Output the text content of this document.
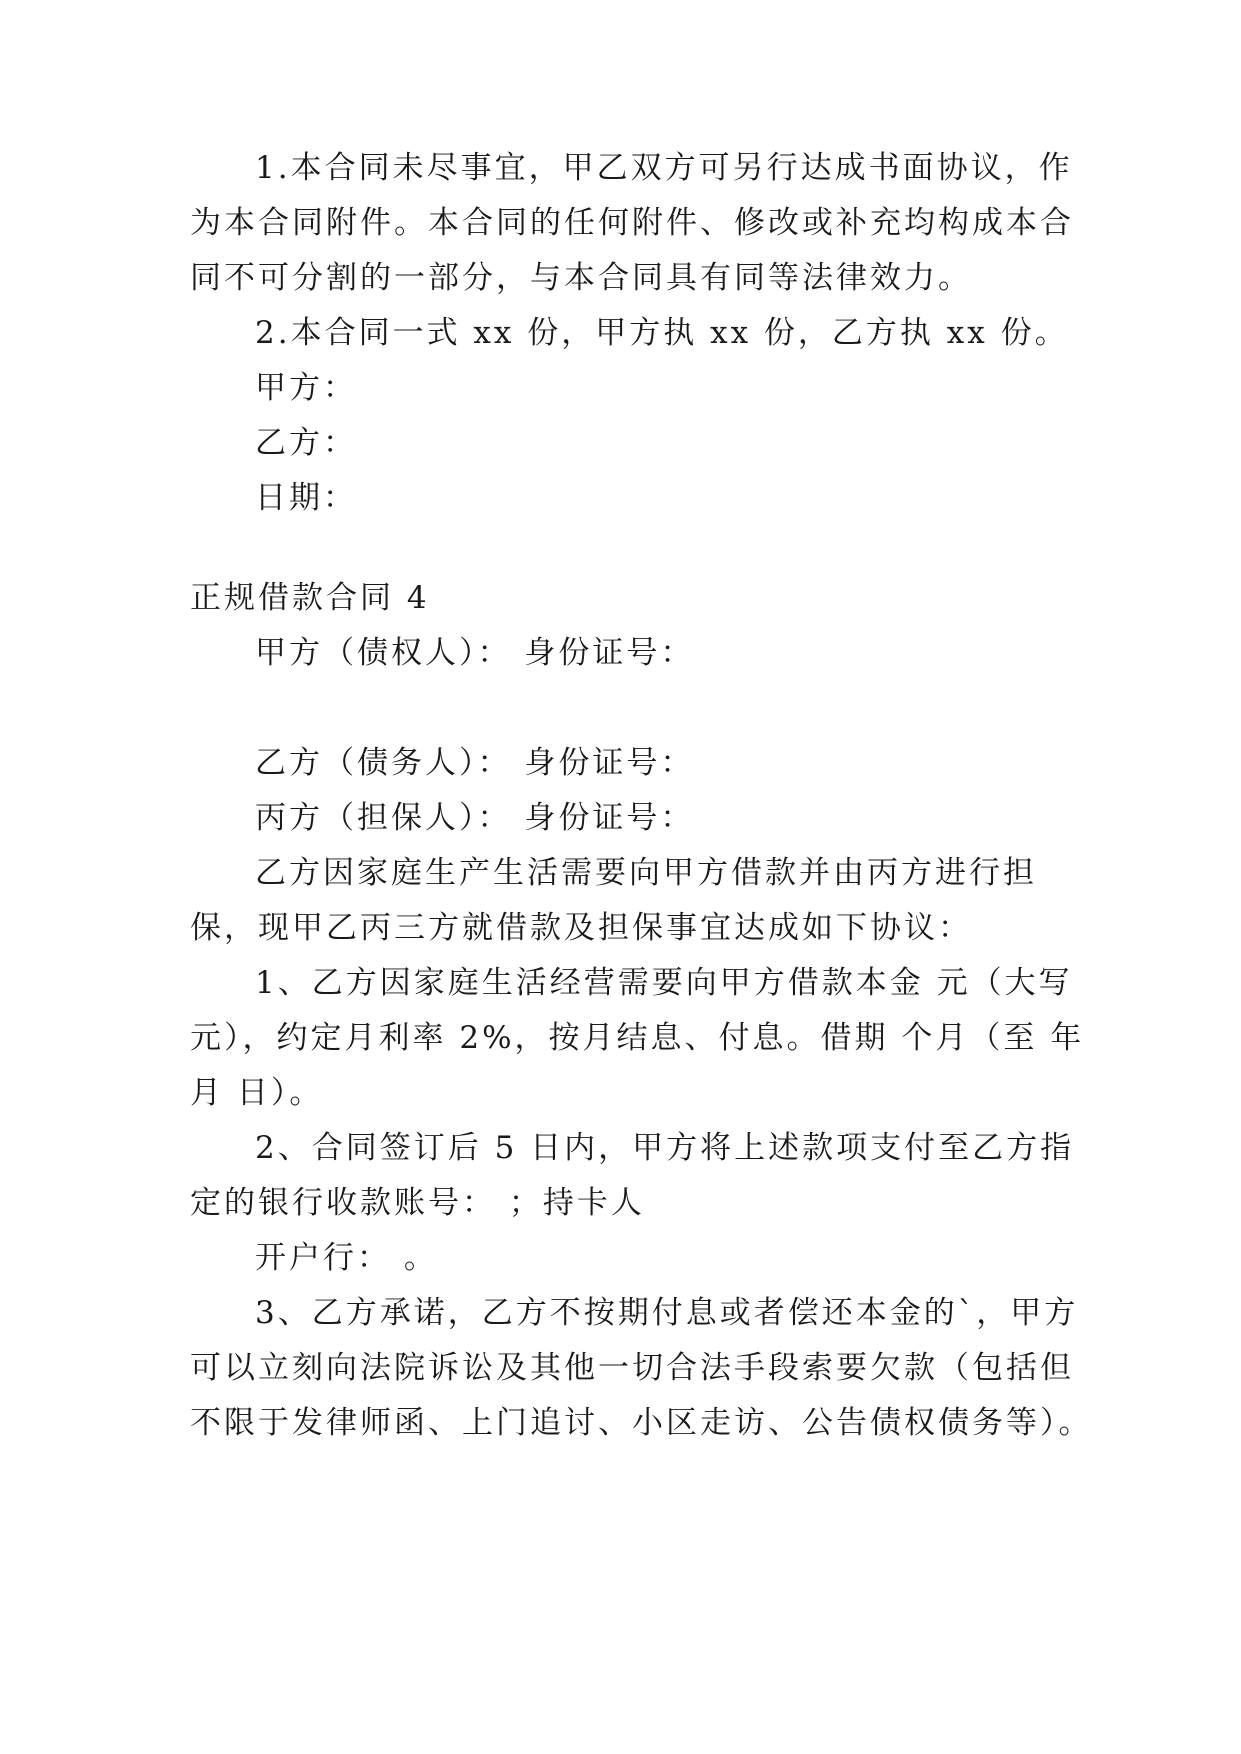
1.本合同未尽事宜，甲乙双方可另行达成书面协议，作
为本合同附件。本合同的任何附件、修改或补充均构成本合
同不可分割的一部分，与本合同具有同等法律效力。
2.本合同一式 xx 份，甲方执 xx 份，乙方执 xx 份。
甲方：
乙方：
日期：
正规借款合同 4
甲方（债权人）： 身份证号：
乙方（债务人）： 身份证号：
丙方（担保人）： 身份证号：
乙方因家庭生产生活需要向甲方借款并由丙方进行担
保，现甲乙丙三方就借款及担保事宜达成如下协议：
1、乙方因家庭生活经营需要向甲方借款本金 元（大写
元），约定月利率 2%，按月结息、付息。借期 个月（至 年
月 日）。
2、合同签订后 5 日内，甲方将上述款项支付至乙方指
定的银行收款账号： ；持卡人
开户行： 。
3、乙方承诺，乙方不按期付息或者偿还本金的`，甲方
可以立刻向法院诉讼及其他一切合法手段索要欠款（包括但
不限于发律师函、上门追讨、小区走访、公告债权债务等）。
